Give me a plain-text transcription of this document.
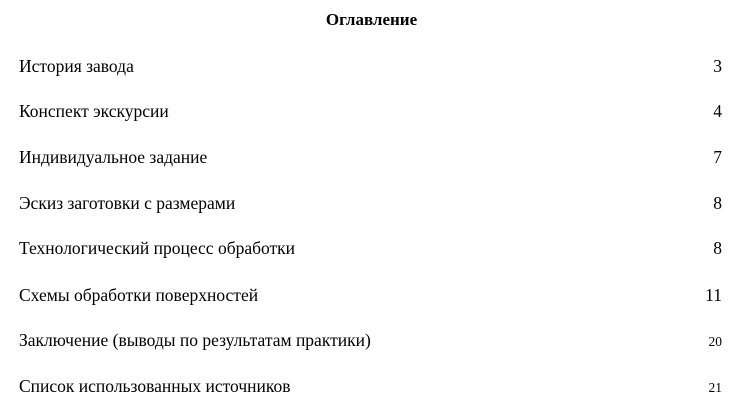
Оглавление
История завода	3
Конспект экскурсии	4
Индивидуальное задание	7
Эскиз заготовки с размерами	8
Технологический процесс обработки	8
Схемы обработки поверхностей	11
Заключение (выводы по результатам практики)	20
Список использованных источников	21
